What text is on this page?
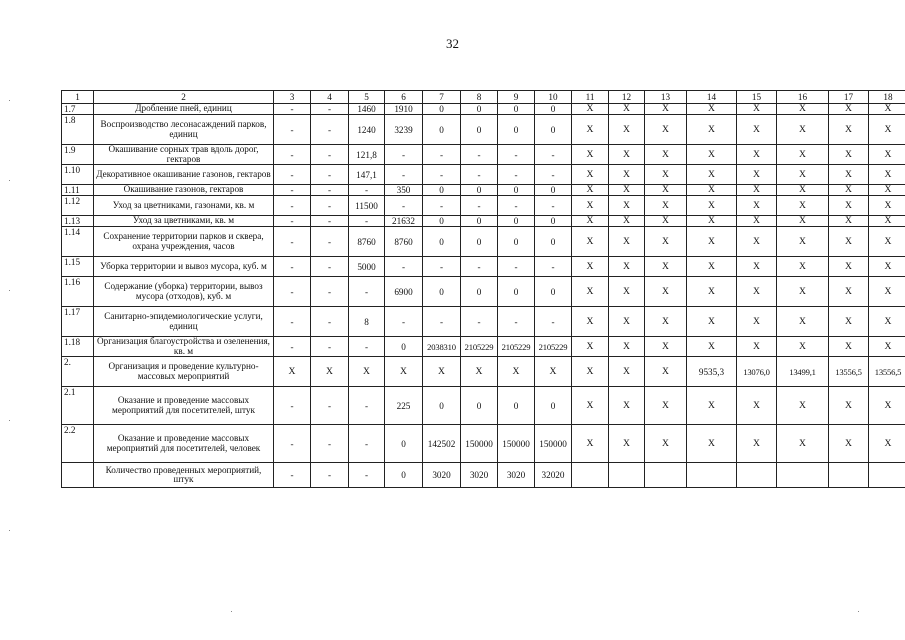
32
1	2	3	4	5	6	7	8	9	10	11	12	13	14	15	16	17	18
1.7	Дробление пней, единиц	-	-	1460	1910	0	0	0	0	X	X	X	X	X	X	X	X
1.8	Воспроизводство лесонасаждений парков, единиц	-	-	1240	3239	0	0	0	0	X	X	X	X	X	X	X	X
1.9	Окашивание сорных трав вдоль дорог, гектаров	-	-	121,8	-	-	-	-	-	X	X	X	X	X	X	X	X
1.10	Декоративное окашивание газонов, гектаров	-	-	147,1	-	-	-	-	-	X	X	X	X	X	X	X	X
1.11	Окашивание газонов, гектаров	-	-	-	350	0	0	0	0	X	X	X	X	X	X	X	X
1.12	Уход за цветниками, газонами, кв. м	-	-	11500	-	-	-	-	-	X	X	X	X	X	X	X	X
1.13	Уход за цветниками, кв. м	-	-	-	21632	0	0	0	0	X	X	X	X	X	X	X	X
1.14	Сохранение территории парков и сквера, охрана учреждения, часов	-	-	8760	8760	0	0	0	0	X	X	X	X	X	X	X	X
1.15	Уборка территории и вывоз мусора, куб. м	-	-	5000	-	-	-	-	-	X	X	X	X	X	X	X	X
1.16	Содержание (уборка) территории, вывоз мусора (отходов), куб. м	-	-	-	6900	0	0	0	0	X	X	X	X	X	X	X	X
1.17	Санитарно-эпидемиологические услуги, единиц	-	-	8	-	-	-	-	-	X	X	X	X	X	X	X	X
1.18	Организация благоустройства и озеленения, кв. м	-	-	-	0	2038310	2105229	2105229	2105229	X	X	X	X	X	X	X	X
2.	Организация и проведение культурно-массовых мероприятий	X	X	X	X	X	X	X	X	X	X	X	9535,3	13076,0	13499,1	13556,5	13556,5
2.1	Оказание и проведение массовых мероприятий для посетителей, штук	-	-	-	225	0	0	0	0	X	X	X	X	X	X	X	X
2.2	Оказание и проведение массовых мероприятий для посетителей, человек	-	-	-	0	142502	150000	150000	150000	X	X	X	X	X	X	X	X
	Количество проведенных мероприятий, штук	-	-	-	0	3020	3020	3020	32020								
